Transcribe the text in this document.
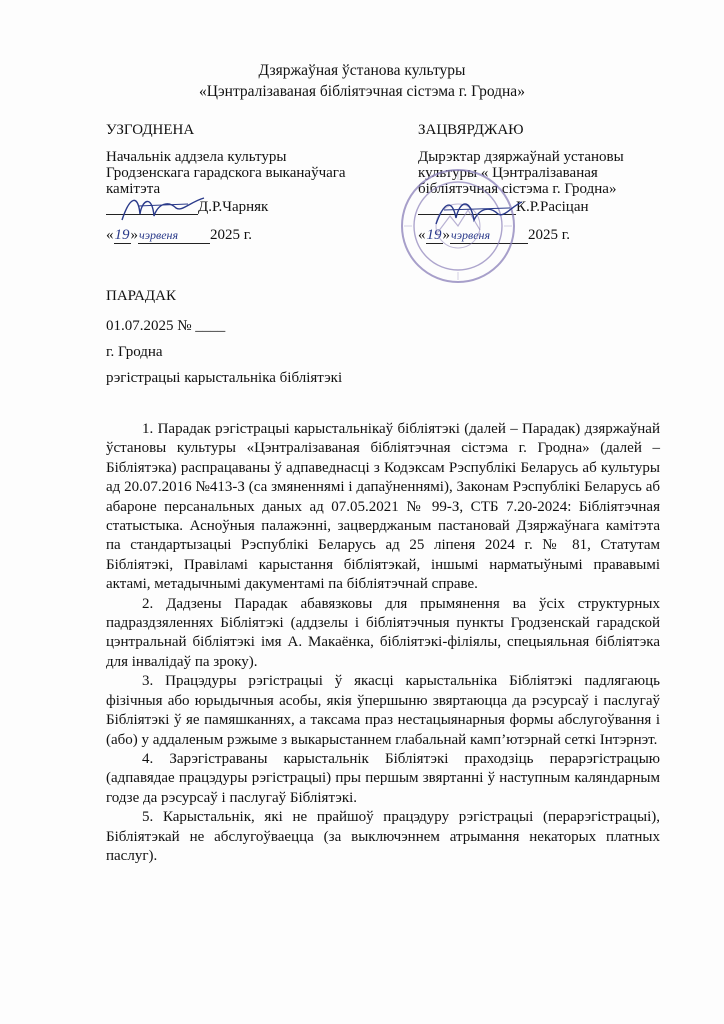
Дзяржаўная ўстанова культуры
«Цэнтралізаваная бібліятэчная сістэма г. Гродна»
УЗГОДНЕНА
Начальнік аддзела культуры
Гродзенскага гарадскога выканаўчага
камітэта
Д.Р.Чарняк
«19»чэрвеня 2025 г.
ЗАЦВЯРДЖАЮ
Дырэктар дзяржаўнай установы
культуры « Цэнтралізаваная
бібліятэчная сістэма г. Гродна»
К.Р.Расіцан
«19»чэрвеня	2025 г.
ПАРАДАК
01.07.2025 № ____
г. Гродна
рэгістрацыі карыстальніка бібліятэкі

1. Парадак рэгістрацыі карыстальнікаў бібліятэкі (далей – Парадак) дзяржаўнай ўстановы культуры «Цэнтралізаваная бібліятэчная сістэма г. Гродна» (далей – Бібліятэка) распрацаваны ў адпаведнасці з Кодэксам Рэспублікі Беларусь аб культуры ад 20.07.2016 №413-З (са змяненнямі і дапаўненнямі), Законам Рэспублікі Беларусь аб абароне персанальных даных ад 07.05.2021 № 99-З, СТБ 7.20-2024: Бібліятэчная статыстыка. Асноўныя палажэнні, зацверджаным пастановай Дзяржаўнага камітэта па стандартызацыі Рэспублікі Беларусь ад 25 ліпеня 2024 г. № 81, Статутам Бібліятэкі, Правіламі карыстання бібліятэкай, іншымі нарматыўнымі прававымі актамі, метадычнымі дакументамі па бібліятэчнай справе.

2. Дадзены Парадак абавязковы для прымянення ва ўсіх структурных падраздзяленнях Бібліятэкі (аддзелы і бібліятэчныя пункты Гродзенскай гарадской цэнтральнай бібліятэкі імя А. Макаёнка, бібліятэкі-філіялы, спецыяльная бібліятэка для інвалідаў па зроку).

3. Працэдуры рэгістрацыі ў якасці карыстальніка Бібліятэкі падлягаюць фізічныя або юрыдычныя асобы, якія ўпершыню звяртаюцца да рэсурсаў і паслугаў Бібліятэкі ў яе памяшканнях, а таксама праз нестацыянарныя формы абслугоўвання і (або) у аддаленым рэжыме з выкарыстаннем глабальнай камп’ютэрнай сеткі Інтэрнэт.

4. Зарэгістраваны карыстальнік Бібліятэкі праходзіць перарэгістрацыю (адпавядае працэдуры рэгістрацыі) пры першым звяртанні ў наступным каляндарным годзе да рэсурсаў і паслугаў Бібліятэкі.

5. Карыстальнік, які не прайшоў працэдуру рэгістрацыі (перарэгістрацыі), Бібліятэкай не абслугоўваецца (за выключэннем атрымання некаторых платных паслуг).
